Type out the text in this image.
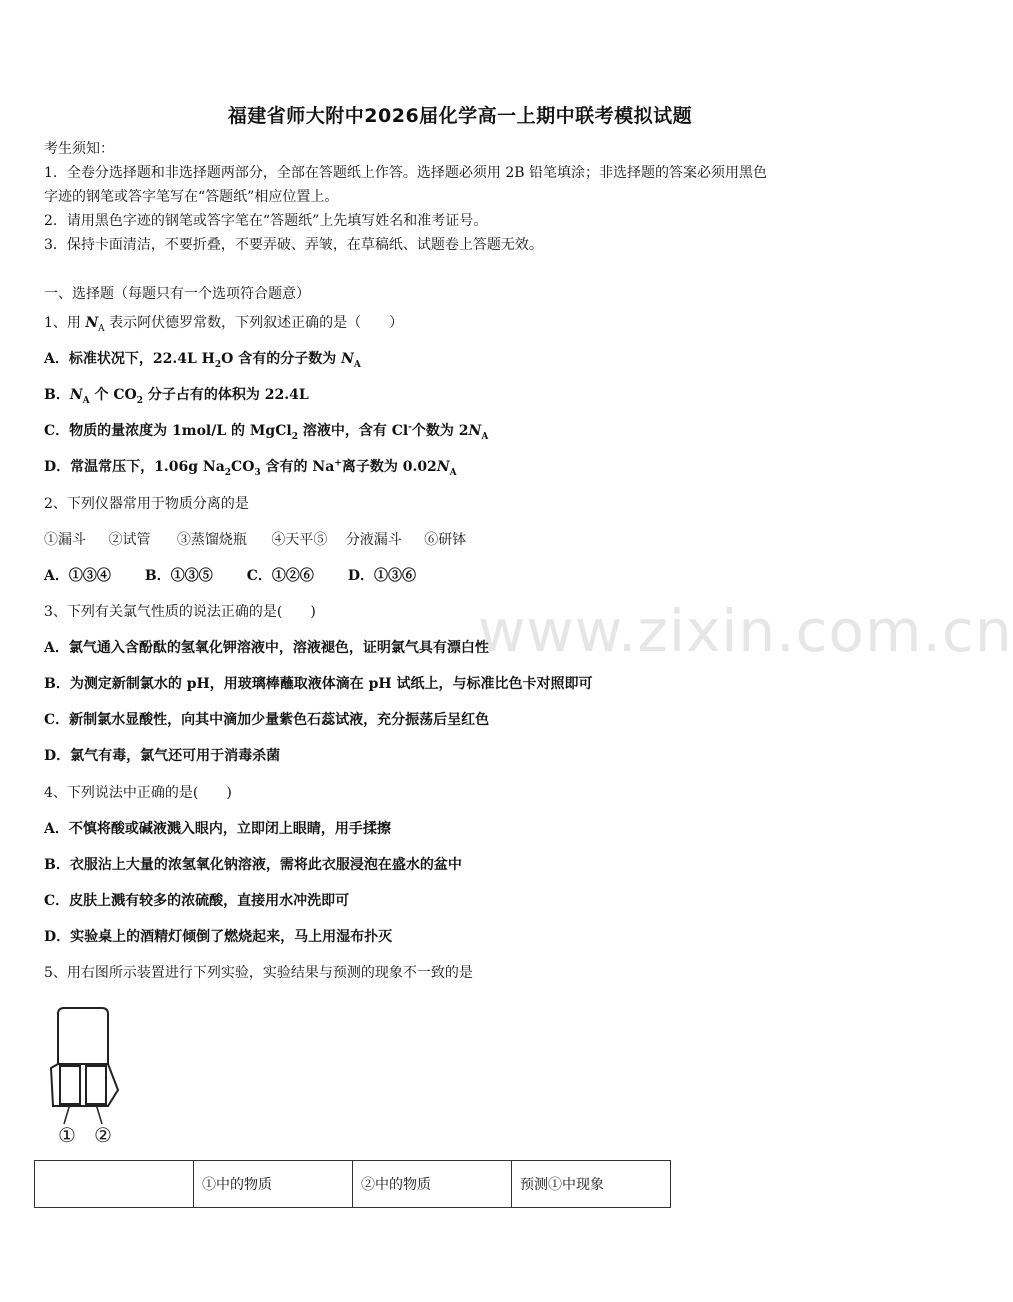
www.zixin.com.cn
福建省师大附中2026届化学高一上期中联考模拟试题
考生须知：
1．全卷分选择题和非选择题两部分，全部在答题纸上作答。选择题必须用 2B 铅笔填涂；非选择题的答案必须用黑色
字迹的钢笔或答字笔写在“答题纸”相应位置上。
2．请用黑色字迹的钢笔或答字笔在“答题纸”上先填写姓名和准考证号。
3．保持卡面清洁，不要折叠，不要弄破、弄皱，在草稿纸、试题卷上答题无效。
一、选择题（每题只有一个选项符合题意）
1、用 $N_A$ 表示阿伏德罗常数，下列叙述正确的是（　　）
A．标准状况下，22.4L $H_2O$ 含有的分子数为 $N_A$
B．$N_A$ 个 $CO_2$ 分子占有的体积为 22.4L
C．物质的量浓度为 1mol/L 的 MgCl$_2$ 溶液中，含有 Cl-个数为 $2N_A$
D．常温常压下，1.06g $Na_2CO_3$ 含有的 Na+离子数为 $0.02N_A$
2、下列仪器常用于物质分离的是
①漏斗 ②试管 ③蒸馏烧瓶 ④天平⑤ 分液漏斗 ⑥研钵
A．①③④ B．①③⑤ C．①②⑥ D．①③⑥
3、下列有关氯气性质的说法正确的是(　　)
A．氯气通入含酚酞的氢氧化钾溶液中，溶液褪色，证明氯气具有漂白性
B．为测定新制氯水的 pH，用玻璃棒蘸取液体滴在 pH 试纸上，与标准比色卡对照即可
C．新制氯水显酸性，向其中滴加少量紫色石蕊试液，充分振荡后呈红色
D．氯气有毒，氯气还可用于消毒杀菌
4、下列说法中正确的是(　　)
A．不慎将酸或碱液溅入眼内，立即闭上眼睛，用手揉擦
B．衣服沾上大量的浓氢氧化钠溶液，需将此衣服浸泡在盛水的盆中
C．皮肤上溅有较多的浓硫酸，直接用水冲洗即可
D．实验桌上的酒精灯倾倒了燃烧起来，马上用湿布扑灭
5、用右图所示装置进行下列实验，实验结果与预测的现象不一致的是
① ②
	①中的物质	②中的物质	预测①中现象
